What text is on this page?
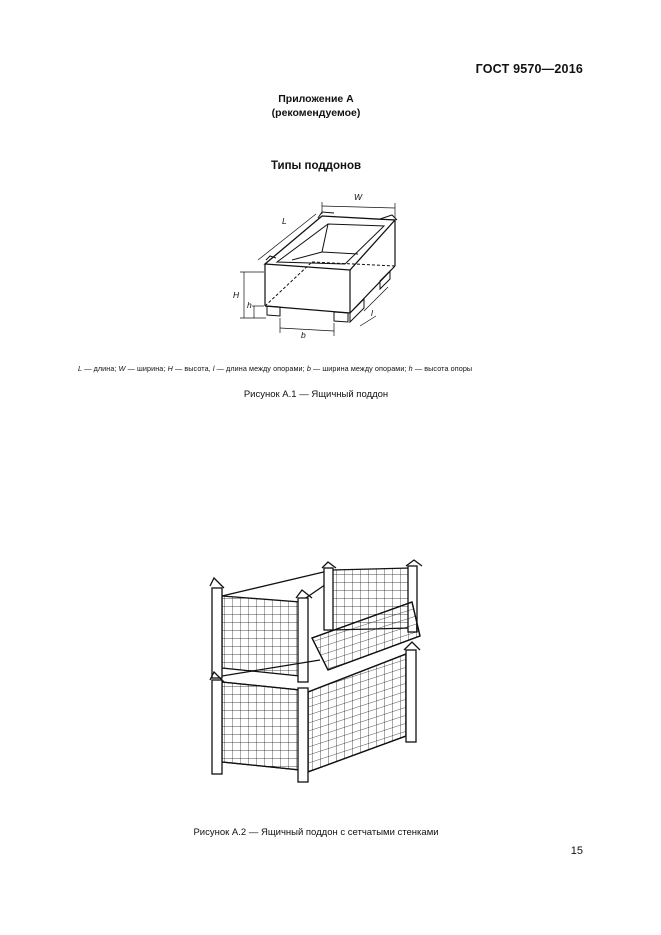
ГОСТ 9570—2016
Приложение А
(рекомендуемое)
Типы поддонов
W
L
H
h
b
l
L — длина; W — ширина; H — высота, l — длина между опорами; b — ширина между опорами; h — высота опоры
Рисунок А.1 — Ящичный поддон
Рисунок А.2 — Ящичный поддон с сетчатыми стенками
15
